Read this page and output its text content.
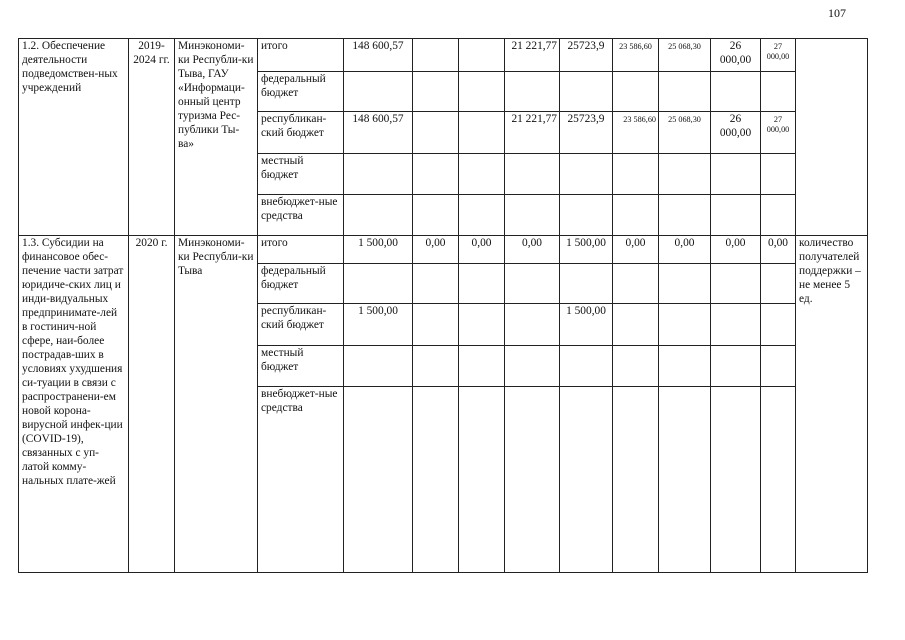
107
1.2. Обеспечение деятельности подведомствен-ных учреждений	2019-2024 гг.	Минэкономи-ки Республи-ки Тыва, ГАУ «Информаци-онный центр туризма Рес-публики Ты-ва»	итого	148 600,57			21 221,77	25723,9	23 586,60	25 068,30	26 000,00	27 000,00	
			федеральный бюджет										
			республикан-ский бюджет	148 600,57			21 221,77	25723,9	23 586,60	25 068,30	26 000,00	27 000,00	
			местный бюджет										
			внебюджет-ные средства										
1.3. Субсидии на финансовое обес-печение части затрат юридиче-ских лиц и инди-видуальных предпринимате-лей в гостинич-ной сфере, наи-более пострадав-ших в условиях ухудшения си-туации в связи с распространени-ем новой корона-вирусной инфек-ции (COVID-19), связанных с уп-латой комму-нальных плате-жей	2020 г.	Минэкономи-ки Республи-ки Тыва	итого	1 500,00	0,00	0,00	0,00	1 500,00	0,00	0,00	0,00	0,00	количество получателей поддержки – не менее 5 ед.
			федеральный бюджет										
			республикан-ский бюджет	1 500,00				1 500,00					
			местный бюджет										
			внебюджет-ные средства										
